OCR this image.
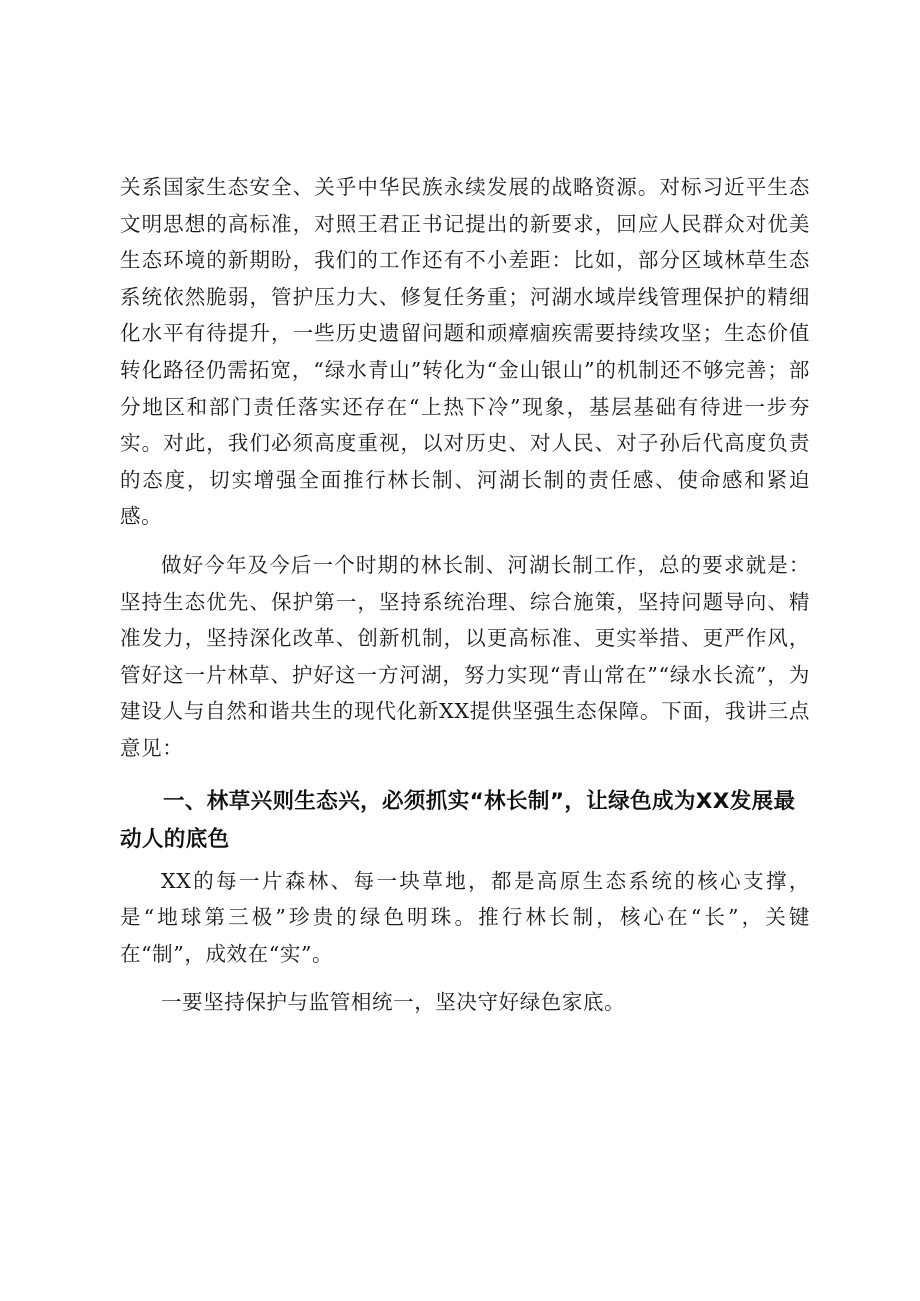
关系国家生态安全、关乎中华民族永续发展的战略资源。对标习近平生态文明思想的高标准，对照王君正书记提出的新要求，回应人民群众对优美生态环境的新期盼，我们的工作还有不小差距：比如，部分区域林草生态系统依然脆弱，管护压力大、修复任务重；河湖水域岸线管理保护的精细化水平有待提升，一些历史遗留问题和顽瘴痼疾需要持续攻坚；生态价值转化路径仍需拓宽，“绿水青山”转化为“金山银山”的机制还不够完善；部分地区和部门责任落实还存在“上热下冷”现象，基层基础有待进一步夯实。对此，我们必须高度重视，以对历史、对人民、对子孙后代高度负责的态度，切实增强全面推行林长制、河湖长制的责任感、使命感和紧迫感。

做好今年及今后一个时期的林长制、河湖长制工作，总的要求就是：坚持生态优先、保护第一，坚持系统治理、综合施策，坚持问题导向、精准发力，坚持深化改革、创新机制，以更高标准、更实举措、更严作风，管好这一片林草、护好这一方河湖，努力实现“青山常在”“绿水长流”，为建设人与自然和谐共生的现代化新XX提供坚强生态保障。下面，我讲三点意见：

一、林草兴则生态兴，必须抓实“林长制”，让绿色成为XX发展最动人的底色

XX的每一片森林、每一块草地，都是高原生态系统的核心支撑，是“地球第三极”珍贵的绿色明珠。推行林长制，核心在“长”，关键在“制”，成效在“实”。

一要坚持保护与监管相统一，坚决守好绿色家底。
